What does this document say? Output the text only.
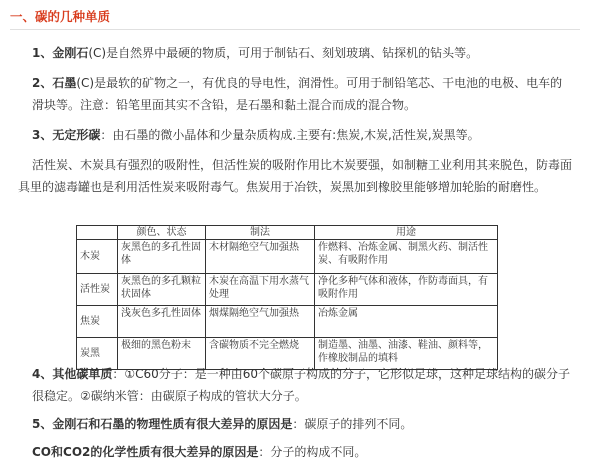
一、碳的几种单质
1、金刚石(C)是自然界中最硬的物质，可用于制钻石、刻划玻璃、钻探机的钻头等。
2、石墨(C)是最软的矿物之一，有优良的导电性，润滑性。可用于制铅笔芯、干电池的电极、电车的滑块等。注意：铅笔里面其实不含铅，是石墨和黏土混合而成的混合物。
3、无定形碳：由石墨的微小晶体和少量杂质构成.主要有:焦炭,木炭,活性炭,炭黑等。
活性炭、木炭具有强烈的吸附性，但活性炭的吸附作用比木炭要强，如制糖工业利用其来脱色，防毒面具里的滤毒罐也是利用活性炭来吸附毒气。焦炭用于冶铁，炭黑加到橡胶里能够增加轮胎的耐磨性。
	颜色、状态	制法	用途
木炭	灰黑色的多孔性固体	木材隔绝空气加强热	作燃料、冶炼金属、制黑火药、制活性炭、有吸附作用
活性炭	灰黑色的多孔颗粒状固体	木炭在高温下用水蒸气处理	净化多种气体和液体，作防毒面具，有吸附作用
焦炭	浅灰色多孔性固体	烟煤隔绝空气加强热	冶炼金属
炭黑	极细的黑色粉末	含碳物质不完全燃烧	制造墨、油墨、油漆、鞋油、颜料等，作橡胶制品的填料
4、其他碳单质：①C60分子：是一种由60个碳原子构成的分子，它形似足球，这种足球结构的碳分子很稳定。②碳纳米管：由碳原子构成的管状大分子。
5、金刚石和石墨的物理性质有很大差异的原因是：碳原子的排列不同。
CO和CO2的化学性质有很大差异的原因是：分子的构成不同。
